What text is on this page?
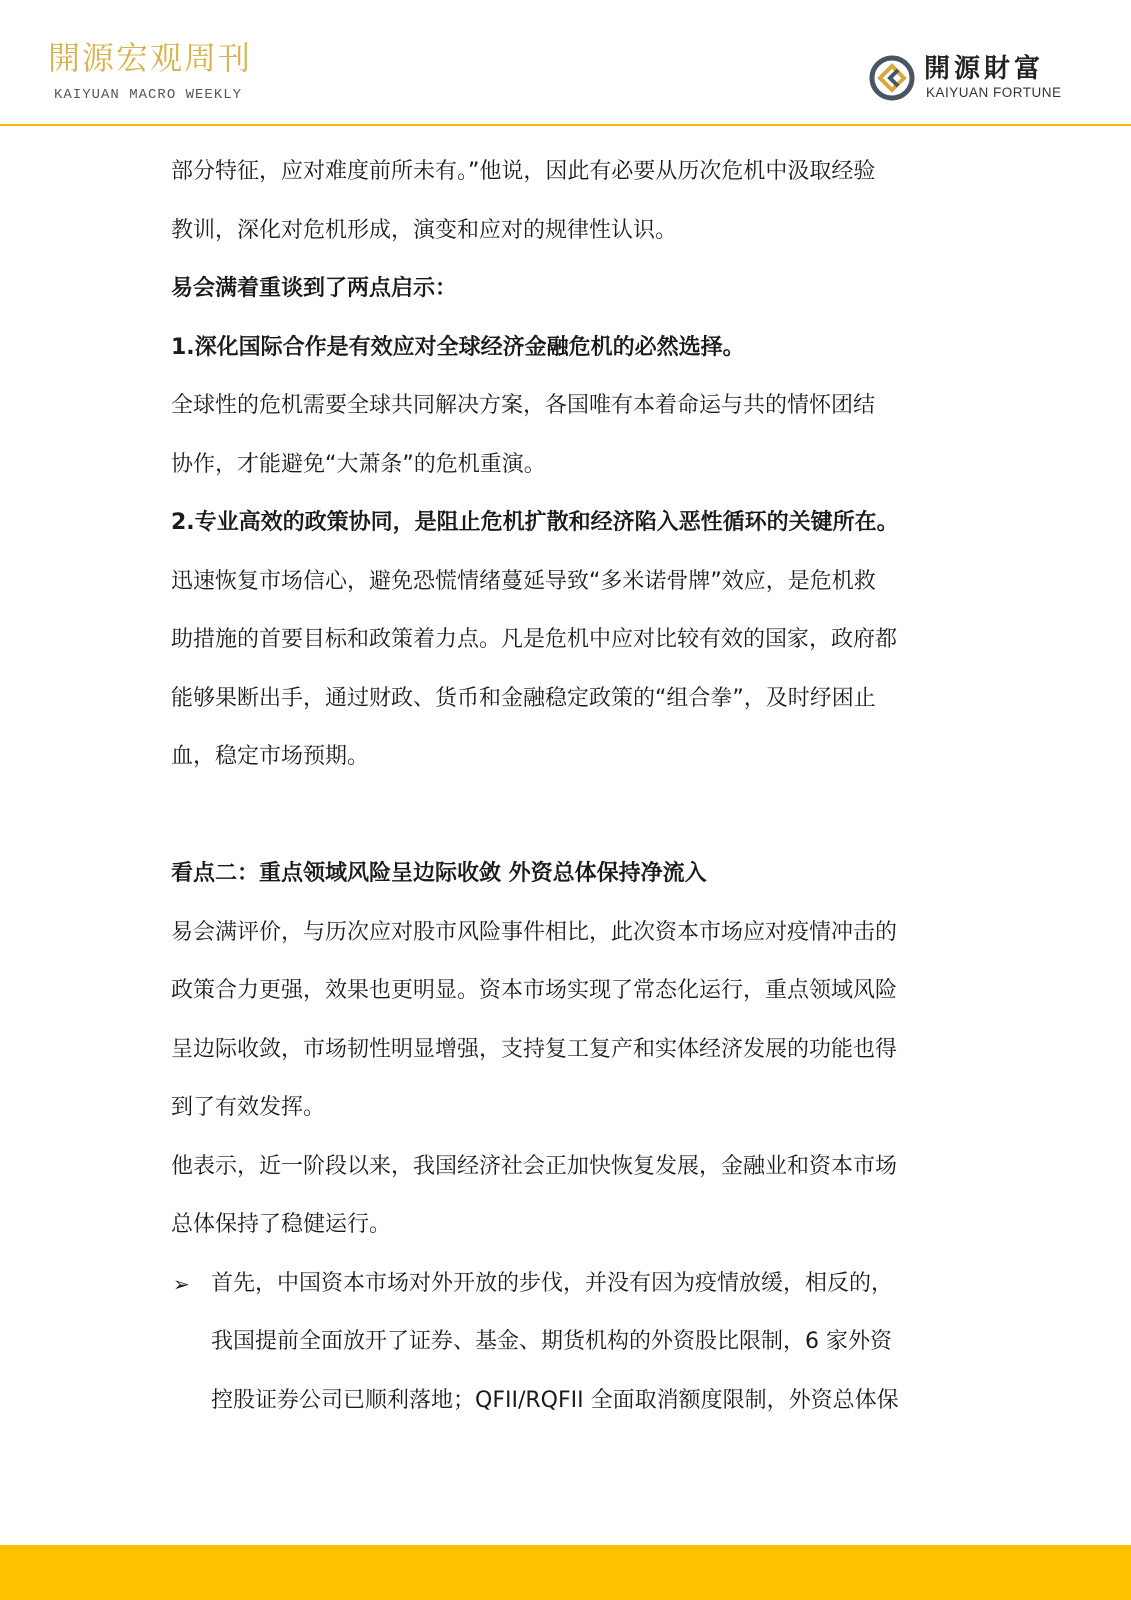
開源宏观周刊
KAIYUAN MACRO WEEKLY
開源財富
KAIYUAN FORTUNE

部分特征，应对难度前所未有。”他说，因此有必要从历次危机中汲取经验

教训，深化对危机形成，演变和应对的规律性认识。

易会满着重谈到了两点启示：

1.深化国际合作是有效应对全球经济金融危机的必然选择。

全球性的危机需要全球共同解决方案，各国唯有本着命运与共的情怀团结

协作，才能避免“大萧条”的危机重演。

2.专业高效的政策协同，是阻止危机扩散和经济陷入恶性循环的关键所在。

迅速恢复市场信心，避免恐慌情绪蔓延导致“多米诺骨牌”效应，是危机救

助措施的首要目标和政策着力点。凡是危机中应对比较有效的国家，政府都

能够果断出手，通过财政、货币和金融稳定政策的“组合拳”，及时纾困止

血，稳定市场预期。

看点二：重点领域风险呈边际收敛 外资总体保持净流入

易会满评价，与历次应对股市风险事件相比，此次资本市场应对疫情冲击的

政策合力更强，效果也更明显。资本市场实现了常态化运行，重点领域风险

呈边际收敛，市场韧性明显增强，支持复工复产和实体经济发展的功能也得

到了有效发挥。

他表示，近一阶段以来，我国经济社会正加快恢复发展，金融业和资本市场

总体保持了稳健运行。

➢ 首先，中国资本市场对外开放的步伐，并没有因为疫情放缓，相反的，

我国提前全面放开了证券、基金、期货机构的外资股比限制，6 家外资

控股证券公司已顺利落地；QFII/RQFII 全面取消额度限制，外资总体保
